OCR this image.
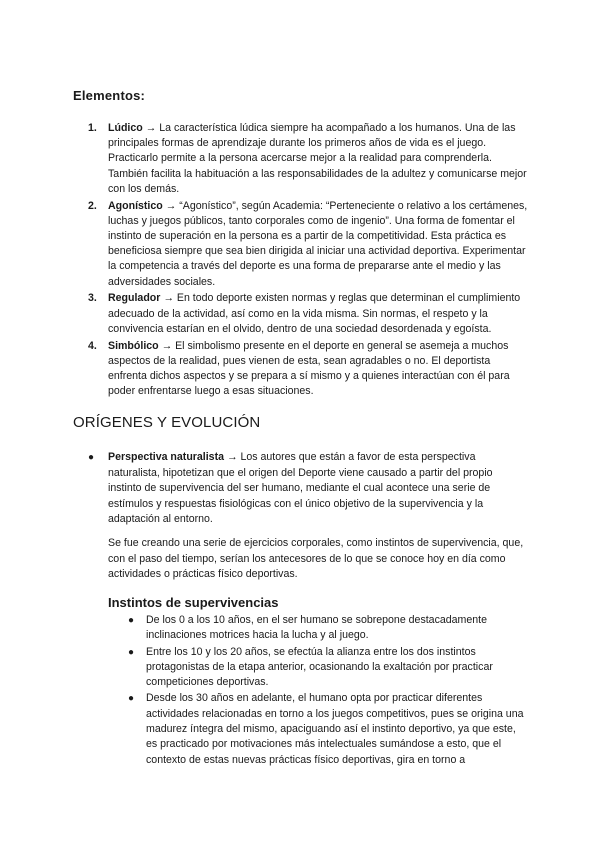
Elementos:
1. Lúdico → La característica lúdica siempre ha acompañado a los humanos. Una de las principales formas de aprendizaje durante los primeros años de vida es el juego. Practicarlo permite a la persona acercarse mejor a la realidad para comprenderla. También facilita la habituación a las responsabilidades de la adultez y comunicarse mejor con los demás.
2. Agonístico → “Agonístico”, según Academia: “Perteneciente o relativo a los certámenes, luchas y juegos públicos, tanto corporales como de ingenio”. Una forma de fomentar el instinto de superación en la persona es a partir de la competitividad. Esta práctica es beneficiosa siempre que sea bien dirigida al iniciar una actividad deportiva. Experimentar la competencia a través del deporte es una forma de prepararse ante el medio y las adversidades sociales.
3. Regulador → En todo deporte existen normas y reglas que determinan el cumplimiento adecuado de la actividad, así como en la vida misma. Sin normas, el respeto y la convivencia estarían en el olvido, dentro de una sociedad desordenada y egoísta.
4. Simbólico → El simbolismo presente en el deporte en general se asemeja a muchos aspectos de la realidad, pues vienen de esta, sean agradables o no. El deportista enfrenta dichos aspectos y se prepara a sí mismo y a quienes interactúan con él para poder enfrentarse luego a esas situaciones.
ORÍGENES Y EVOLUCIÓN
●	Perspectiva naturalista → Los autores que están a favor de esta perspectiva naturalista, hipotetizan que el origen del Deporte viene causado a partir del propio instinto de supervivencia del ser humano, mediante el cual acontece una serie de estímulos y respuestas fisiológicas con el único objetivo de la supervivencia y la adaptación al entorno.

Se fue creando una serie de ejercicios corporales, como instintos de supervivencia, que, con el paso del tiempo, serían los antecesores de lo que se conoce hoy en día como actividades o prácticas físico deportivas.

Instintos de supervivencias
● De los 0 a los 10 años, en el ser humano se sobrepone destacadamente inclinaciones motrices hacia la lucha y al juego.
● Entre los 10 y los 20 años, se efectúa la alianza entre los dos instintos protagonistas de la etapa anterior, ocasionando la exaltación por practicar competiciones deportivas.
● Desde los 30 años en adelante, el humano opta por practicar diferentes actividades relacionadas en torno a los juegos competitivos, pues se origina una madurez íntegra del mismo, apaciguando así el instinto deportivo, ya que este, es practicado por motivaciones más intelectuales sumándose a esto, que el contexto de estas nuevas prácticas físico deportivas, gira en torno a
